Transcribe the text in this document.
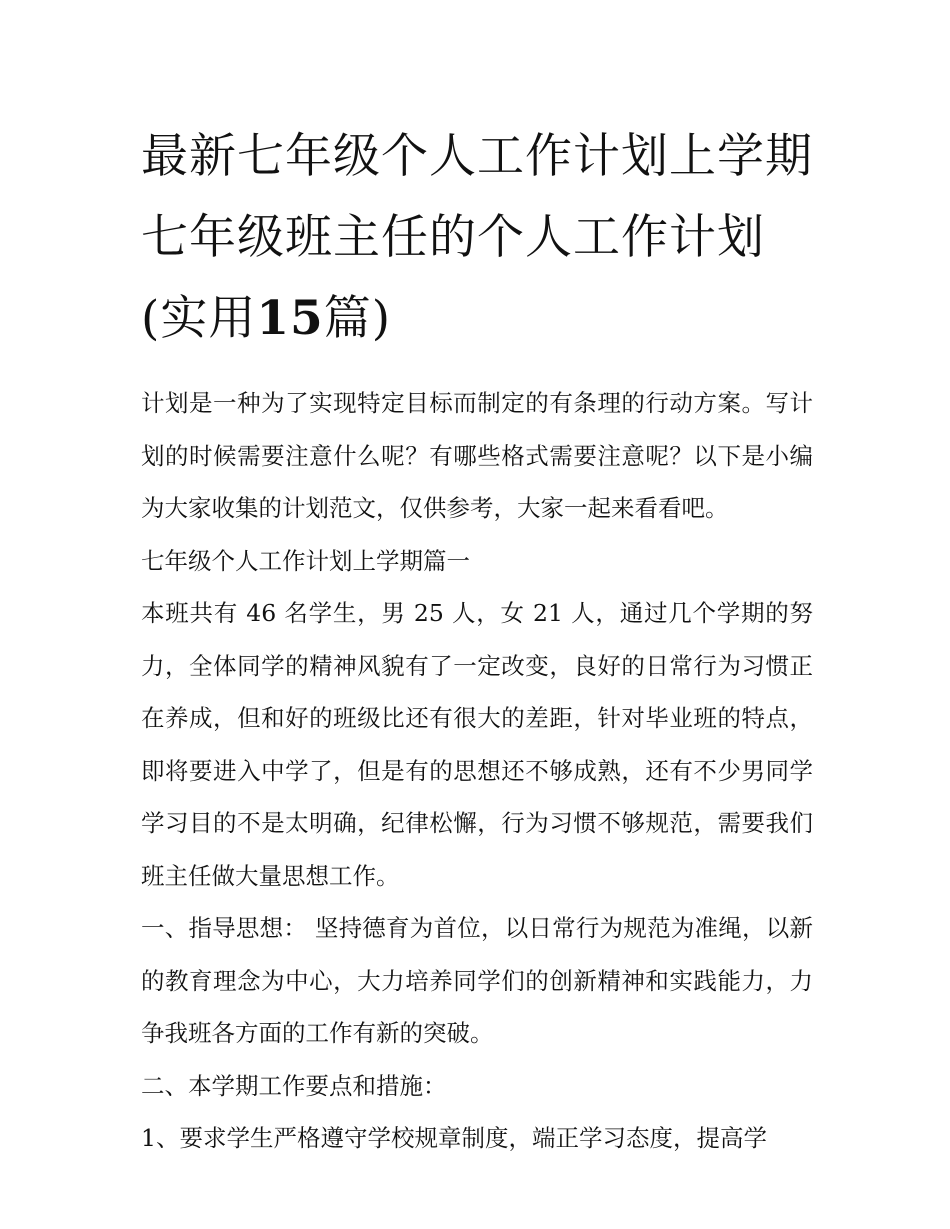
最新七年级个人工作计划上学期 七年级班主任的个人工作计划(实用15篇)

计划是一种为了实现特定目标而制定的有条理的行动方案。写计划的时候需要注意什么呢？有哪些格式需要注意呢？以下是小编为大家收集的计划范文，仅供参考，大家一起来看看吧。

七年级个人工作计划上学期篇一

本班共有 46 名学生，男 25 人，女 21 人，通过几个学期的努力，全体同学的精神风貌有了一定改变，良好的日常行为习惯正在养成，但和好的班级比还有很大的差距，针对毕业班的特点，即将要进入中学了，但是有的思想还不够成熟，还有不少男同学学习目的不是太明确，纪律松懈，行为习惯不够规范，需要我们班主任做大量思想工作。

一、指导思想： 坚持德育为首位，以日常行为规范为准绳，以新的教育理念为中心，大力培养同学们的创新精神和实践能力，力争我班各方面的工作有新的突破。

二、本学期工作要点和措施：

1、要求学生严格遵守学校规章制度，端正学习态度，提高学
